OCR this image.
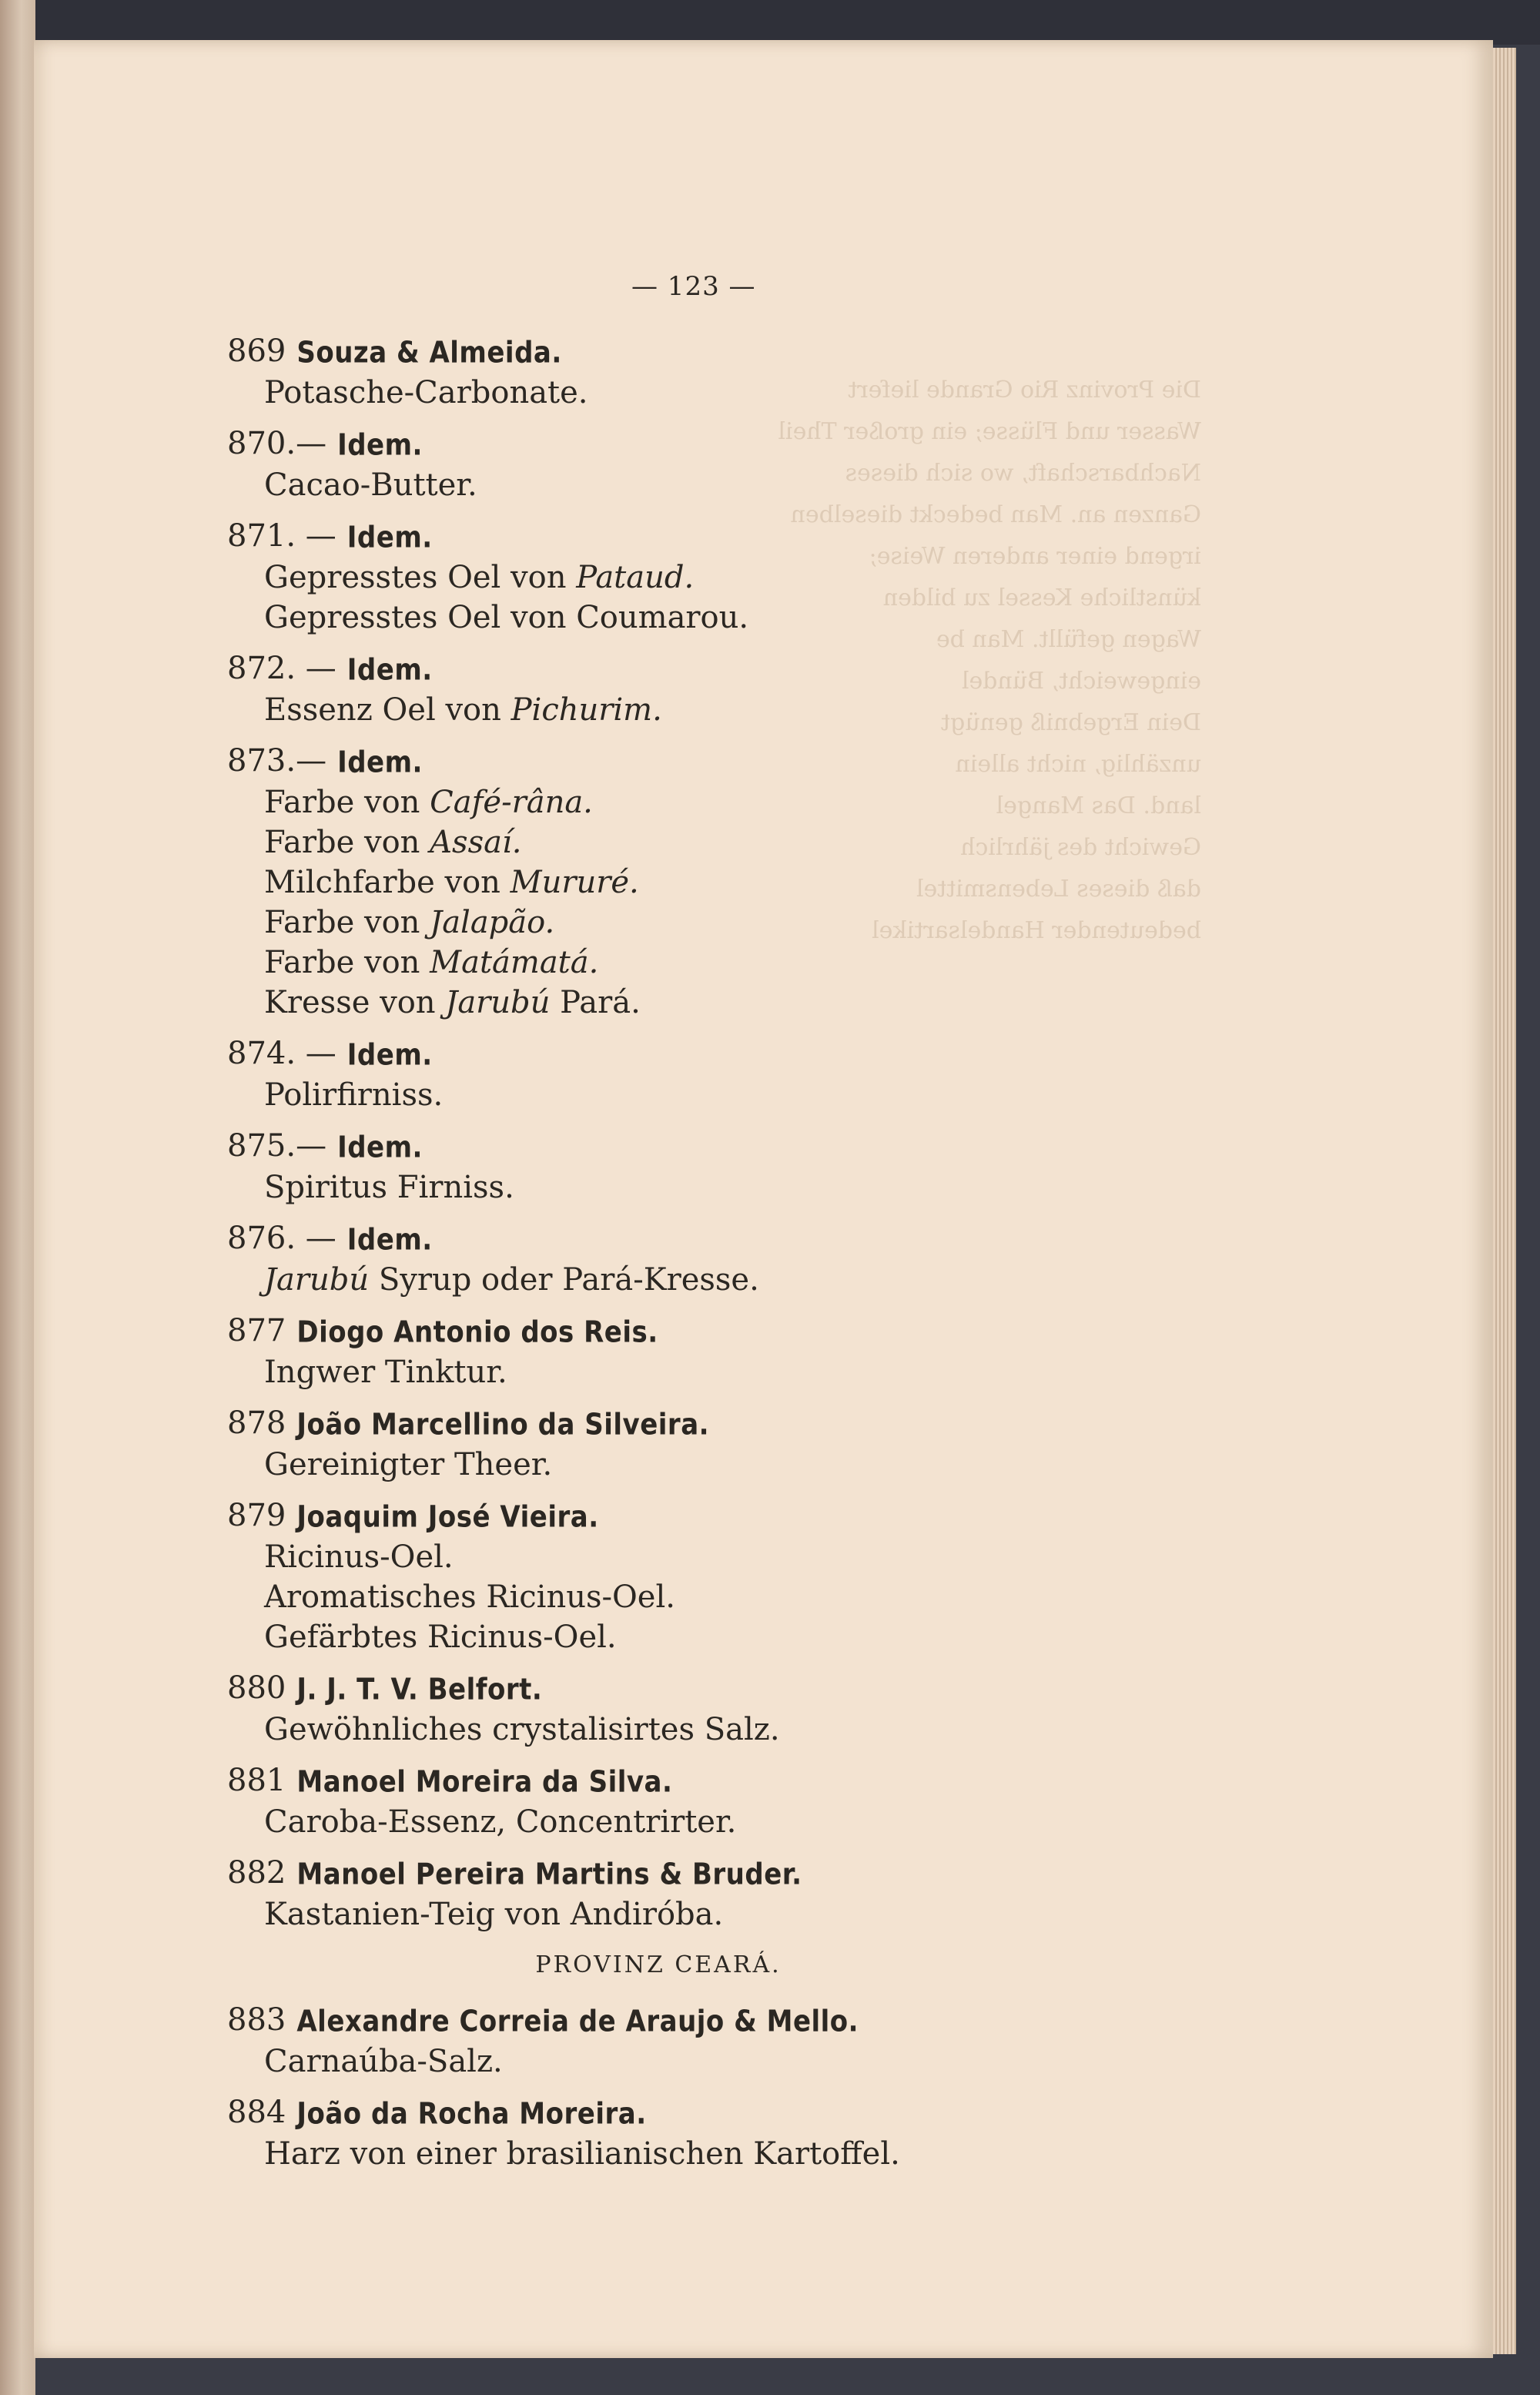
Die Provinz Rio Grande liefert
Wasser und Flüsse; ein großer Theil
Nachbarschaft, wo sich dieses
Ganzen an. Man bedeckt dieselben
irgend einer anderen Weise;
künstliche Kessel zu bilden
Wagen gefüllt. Man be
eingeweicht, Bündel
Dein Ergebniß genügt
unzählig, nicht allein
land. Das Mangel
Gewicht des jährlich
daß dieses Lebensmittel
bedeutender Handelsartikel
— 123 —
869 Souza & Almeida.
Potasche-Carbonate.
870.— Idem.
Cacao-Butter.
871. — Idem.
Gepresstes Oel von Pataud.
Gepresstes Oel von Coumarou.
872. — Idem.
Essenz Oel von Pichurim.
873.— Idem.
Farbe von Café-râna.
Farbe von Assaí.
Milchfarbe von Mururé.
Farbe von Jalapão.
Farbe von Matámatá.
Kresse von Jarubú Pará.
874. — Idem.
Polirfirniss.
875.— Idem.
Spiritus Firniss.
876. — Idem.
Jarubú Syrup oder Pará-Kresse.
877 Diogo Antonio dos Reis.
Ingwer Tinktur.
878 João Marcellino da Silveira.
Gereinigter Theer.
879 Joaquim José Vieira.
Ricinus-Oel.
Aromatisches Ricinus-Oel.
Gefärbtes Ricinus-Oel.
880 J. J. T. V. Belfort.
Gewöhnliches crystalisirtes Salz.
881 Manoel Moreira da Silva.
Caroba-Essenz, Concentrirter.
882 Manoel Pereira Martins & Bruder.
Kastanien-Teig von Andiróba.
PROVINZ CEARÁ.
883 Alexandre Correia de Araujo & Mello.
Carnaúba-Salz.
884 João da Rocha Moreira.
Harz von einer brasilianischen Kartoffel.
